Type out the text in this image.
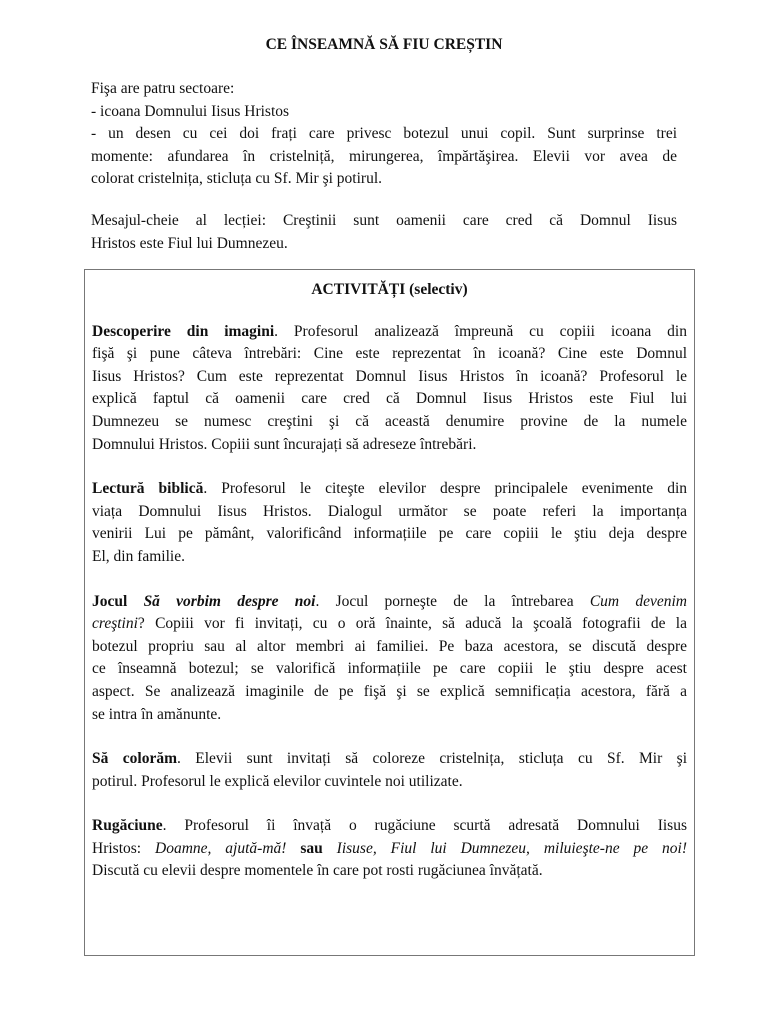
CE ÎNSEAMNĂ SĂ FIU CREȘTIN

Fişa are patru sectoare:

- icoana Domnului Iisus Hristos

- un desen cu cei doi frați care privesc botezul unui copil. Sunt surprinse trei
momente: afundarea în cristelniță, mirungerea, împărtăşirea. Elevii vor avea de
colorat cristelnița, sticluța cu Sf. Mir şi potirul.

Mesajul-cheie al lecției: Creştinii sunt oamenii care cred că Domnul Iisus
Hristos este Fiul lui Dumnezeu.

ACTIVITĂȚI (selectiv)

Descoperire din imagini. Profesorul analizează împreună cu copiii icoana din
fişă şi pune câteva întrebări: Cine este reprezentat în icoană? Cine este Domnul
Iisus Hristos? Cum este reprezentat Domnul Iisus Hristos în icoană? Profesorul le
explică faptul că oamenii care cred că Domnul Iisus Hristos este Fiul lui
Dumnezeu se numesc creştini şi că această denumire provine de la numele
Domnului Hristos. Copiii sunt încurajați să adreseze întrebări.

Lectură biblică. Profesorul le citeşte elevilor despre principalele evenimente din
viața Domnului Iisus Hristos. Dialogul următor se poate referi la importanța
venirii Lui pe pământ, valorificând informațiile pe care copiii le ştiu deja despre
El, din familie.

Jocul Să vorbim despre noi. Jocul porneşte de la întrebarea Cum devenim
creştini? Copiii vor fi invitați, cu o oră înainte, să aducă la şcoală fotografii de la
botezul propriu sau al altor membri ai familiei. Pe baza acestora, se discută despre
ce înseamnă botezul; se valorifică informațiile pe care copiii le ştiu despre acest
aspect. Se analizează imaginile de pe fişă şi se explică semnificația acestora, fără a
se intra în amănunte.

Să colorăm. Elevii sunt invitați să coloreze cristelnița, sticluța cu Sf. Mir şi
potirul. Profesorul le explică elevilor cuvintele noi utilizate.

Rugăciune. Profesorul îi învață o rugăciune scurtă adresată Domnului Iisus
Hristos: Doamne, ajută-mă! sau Iisuse, Fiul lui Dumnezeu, miluieşte-ne pe noi!
Discută cu elevii despre momentele în care pot rosti rugăciunea învățată.
